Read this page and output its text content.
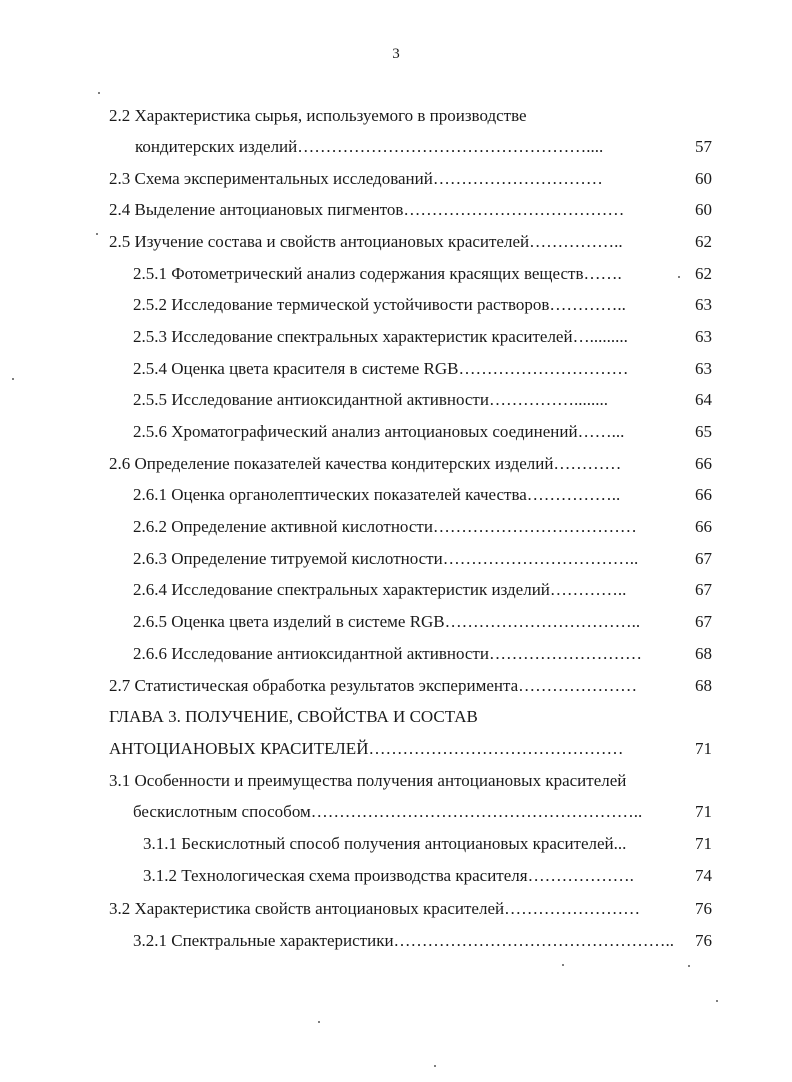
3
2.2 Характеристика сырья, используемого в производстве
кондитерских изделий……………………………………………....	57
2.3 Схема экспериментальных исследований…………………………	60
2.4 Выделение антоциановых пигментов…………………………………	60
2.5 Изучение состава и свойств антоциановых красителей……………..	62
2.5.1 Фотометрический анализ содержания красящих веществ…….	62
2.5.2 Исследование термической устойчивости растворов…………..	63
2.5.3 Исследование спектральных характеристик красителей….........	63
2.5.4 Оценка цвета красителя в системе RGB…………………………	63
2.5.5 Исследование антиоксидантной активности……………........	64
2.5.6 Хроматографический анализ антоциановых соединений……...	65
2.6 Определение показателей качества кондитерских изделий…………	66
2.6.1 Оценка органолептических показателей качества……………..	66
2.6.2 Определение активной кислотности………………………………	66
2.6.3 Определение титруемой кислотности……………………………..	67
2.6.4 Исследование спектральных характеристик изделий…………..	67
2.6.5 Оценка цвета изделий в системе RGB……………………………..	67
2.6.6 Исследование антиоксидантной активности………………………	68
2.7 Статистическая обработка результатов эксперимента…………………	68
ГЛАВА 3. ПОЛУЧЕНИЕ, СВОЙСТВА И СОСТАВ
АНТОЦИАНОВЫХ КРАСИТЕЛЕЙ………………………………………	71
3.1 Особенности и преимущества получения антоциановых красителей
бескислотным способом…………………………………………………..	71
3.1.1 Бескислотный способ получения антоциановых красителей...	71
3.1.2 Технологическая схема производства красителя……………….	74
3.2 Характеристика свойств антоциановых красителей……………………	76
3.2.1 Спектральные характеристики…………………………………………..	76
